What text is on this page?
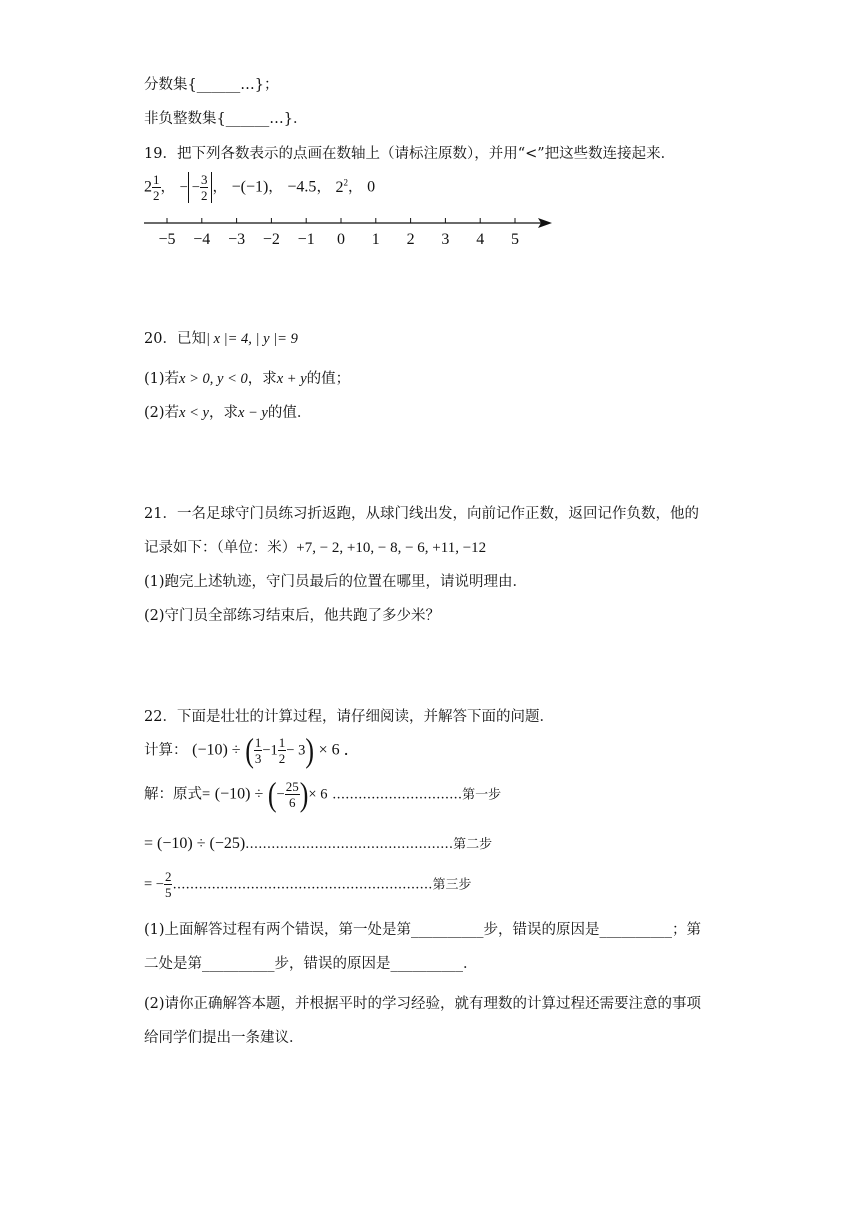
分数集{______…}；
非负整数集{______…}．
19．把下列各数表示的点画在数轴上（请标注原数），并用“<”把这些数连接起来．
$2 \frac{1}{2}$ ， − − $\frac{3}{2}$ ， −(−1)， −4.5， $2^2$， 0
−5 −4 −3 −2 −1 0 1 2 3 4 5
20．已知| x |= 4, | y |= 9
(1)若x > 0, y < 0，求x + y的值；
(2)若x < y，求x − y的值．
21．一名足球守门员练习折返跑，从球门线出发，向前记作正数，返回记作负数，他的
记录如下：（单位：米）+7, − 2, +10, − 8, − 6, +11, −12
(1)跑完上述轨迹，守门员最后的位置在哪里，请说明理由．
(2)守门员全部练习结束后，他共跑了多少米？
22．下面是壮壮的计算过程，请仔细阅读，并解答下面的问题．
计算： (−10) ÷ ( $\frac{1}{3} -1 \frac{1}{2} - 3) \times 6$ ．
解：原式= (−10) ÷ (− $\frac{25}{6}$ )× 6 …………………………第一步
= (−10) ÷ (−25)…………………………………………第二步
= − $\frac{2}{5}$ ……………………………………………………第三步
(1)上面解答过程有两个错误，第一处是第__________步，错误的原因是__________；第
二处是第__________步，错误的原因是__________．
(2)请你正确解答本题，并根据平时的学习经验，就有理数的计算过程还需要注意的事项
给同学们提出一条建议．
